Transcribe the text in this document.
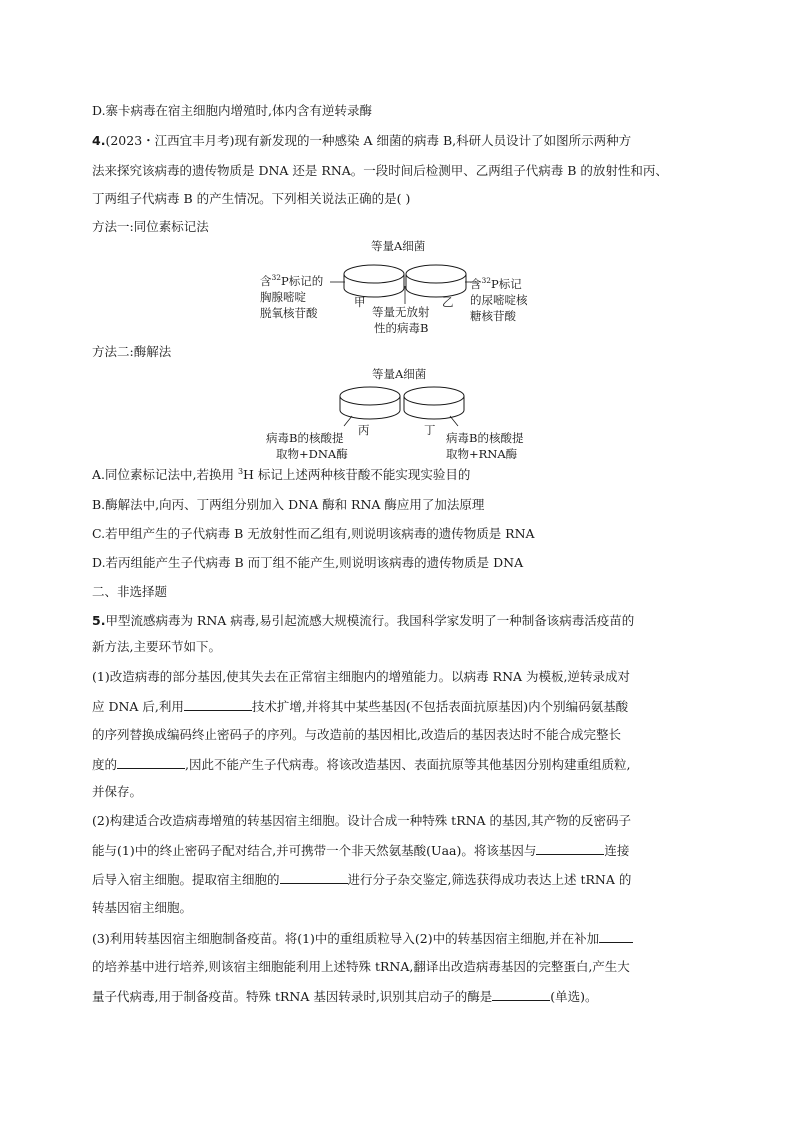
D.寨卡病毒在宿主细胞内增殖时,体内含有逆转录酶
4.(2023・江西宜丰月考)现有新发现的一种感染 A 细菌的病毒 B,科研人员设计了如图所示两种方
法来探究该病毒的遗传物质是 DNA 还是 RNA。一段时间后检测甲、乙两组子代病毒 B 的放射性和丙、
丁两组子代病毒 B 的产生情况。下列相关说法正确的是( )
方法一:同位素标记法
等量A细菌
含$^{32}$P标记的
胸腺嘧啶
脱氧核苷酸
甲	乙
等量无放射
性的病毒B
含$^{32}$P标记
的尿嘧啶核
糖核苷酸
方法二:酶解法
等量A细菌
丙	丁
病毒B的核酸提
取物+DNA酶
病毒B的核酸提
取物+RNA酶
A.同位素标记法中,若换用 $^3$H 标记上述两种核苷酸不能实现实验目的
B.酶解法中,向丙、丁两组分别加入 DNA 酶和 RNA 酶应用了加法原理
C.若甲组产生的子代病毒 B 无放射性而乙组有,则说明该病毒的遗传物质是 RNA
D.若丙组能产生子代病毒 B 而丁组不能产生,则说明该病毒的遗传物质是 DNA
二、非选择题
5.甲型流感病毒为 RNA 病毒,易引起流感大规模流行。我国科学家发明了一种制备该病毒活疫苗的
新方法,主要环节如下。
(1)改造病毒的部分基因,使其失去在正常宿主细胞内的增殖能力。以病毒 RNA 为模板,逆转录成对
应 DNA 后,利用	技术扩增,并将其中某些基因(不包括表面抗原基因)内个别编码氨基酸
的序列替换成编码终止密码子的序列。与改造前的基因相比,改造后的基因表达时不能合成完整长
度的	,因此不能产生子代病毒。将该改造基因、表面抗原等其他基因分别构建重组质粒,
并保存。
(2)构建适合改造病毒增殖的转基因宿主细胞。设计合成一种特殊 tRNA 的基因,其产物的反密码子
能与(1)中的终止密码子配对结合,并可携带一个非天然氨基酸(Uaa)。将该基因与	连接
后导入宿主细胞。提取宿主细胞的	进行分子杂交鉴定,筛选获得成功表达上述 tRNA 的
转基因宿主细胞。
(3)利用转基因宿主细胞制备疫苗。将(1)中的重组质粒导入(2)中的转基因宿主细胞,并在补加
的培养基中进行培养,则该宿主细胞能利用上述特殊 tRNA,翻译出改造病毒基因的完整蛋白,产生大
量子代病毒,用于制备疫苗。特殊 tRNA 基因转录时,识别其启动子的酶是	(单选)。
